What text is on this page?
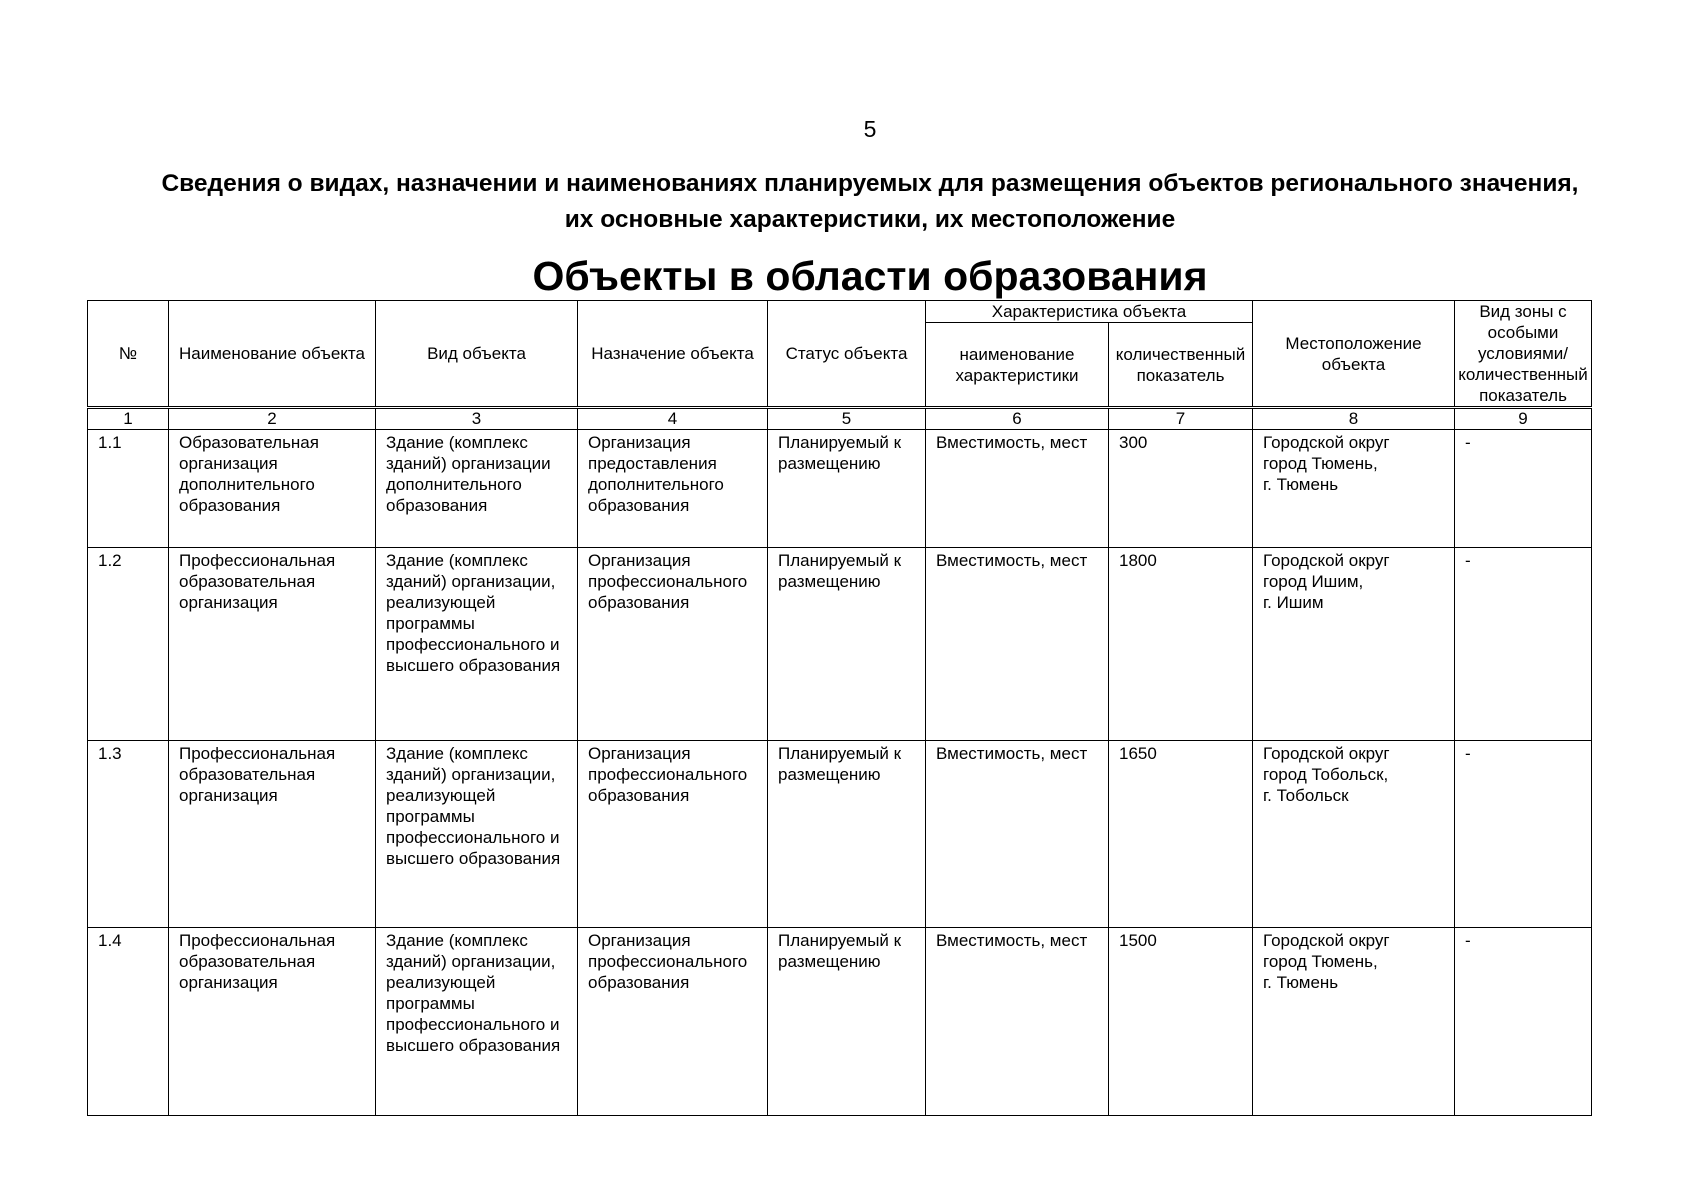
5
Сведения о видах, назначении и наименованиях планируемых для размещения объектов регионального значения,
их основные характеристики, их местоположение
Объекты в области образования
№	Наименование объекта	Вид объекта	Назначение объекта	Статус объекта	Характеристика объекта		Местоположение объекта	Вид зоны с особыми условиями/ количественный показатель
					наименование характеристики	количественный показатель		
1	2	3	4	5	6	7	8	9
1.1	Образовательная организация дополнительного образования	Здание (комплекс зданий) организации дополнительного образования	Организация предоставления дополнительного образования	Планируемый к размещению	Вместимость, мест	300	Городской округ
город Тюмень,
г. Тюмень	-
1.2	Профессиональная образовательная организация	Здание (комплекс зданий) организации, реализующей программы профессионального и высшего образования	Организация профессионального образования	Планируемый к размещению	Вместимость, мест	1800	Городской округ
город Ишим,
г. Ишим	-
1.3	Профессиональная образовательная организация	Здание (комплекс зданий) организации, реализующей программы профессионального и высшего образования	Организация профессионального образования	Планируемый к размещению	Вместимость, мест	1650	Городской округ
город Тобольск,
г. Тобольск	-
1.4	Профессиональная образовательная организация	Здание (комплекс зданий) организации, реализующей программы профессионального и высшего образования	Организация профессионального образования	Планируемый к размещению	Вместимость, мест	1500	Городской округ
город Тюмень,
г. Тюмень	-
